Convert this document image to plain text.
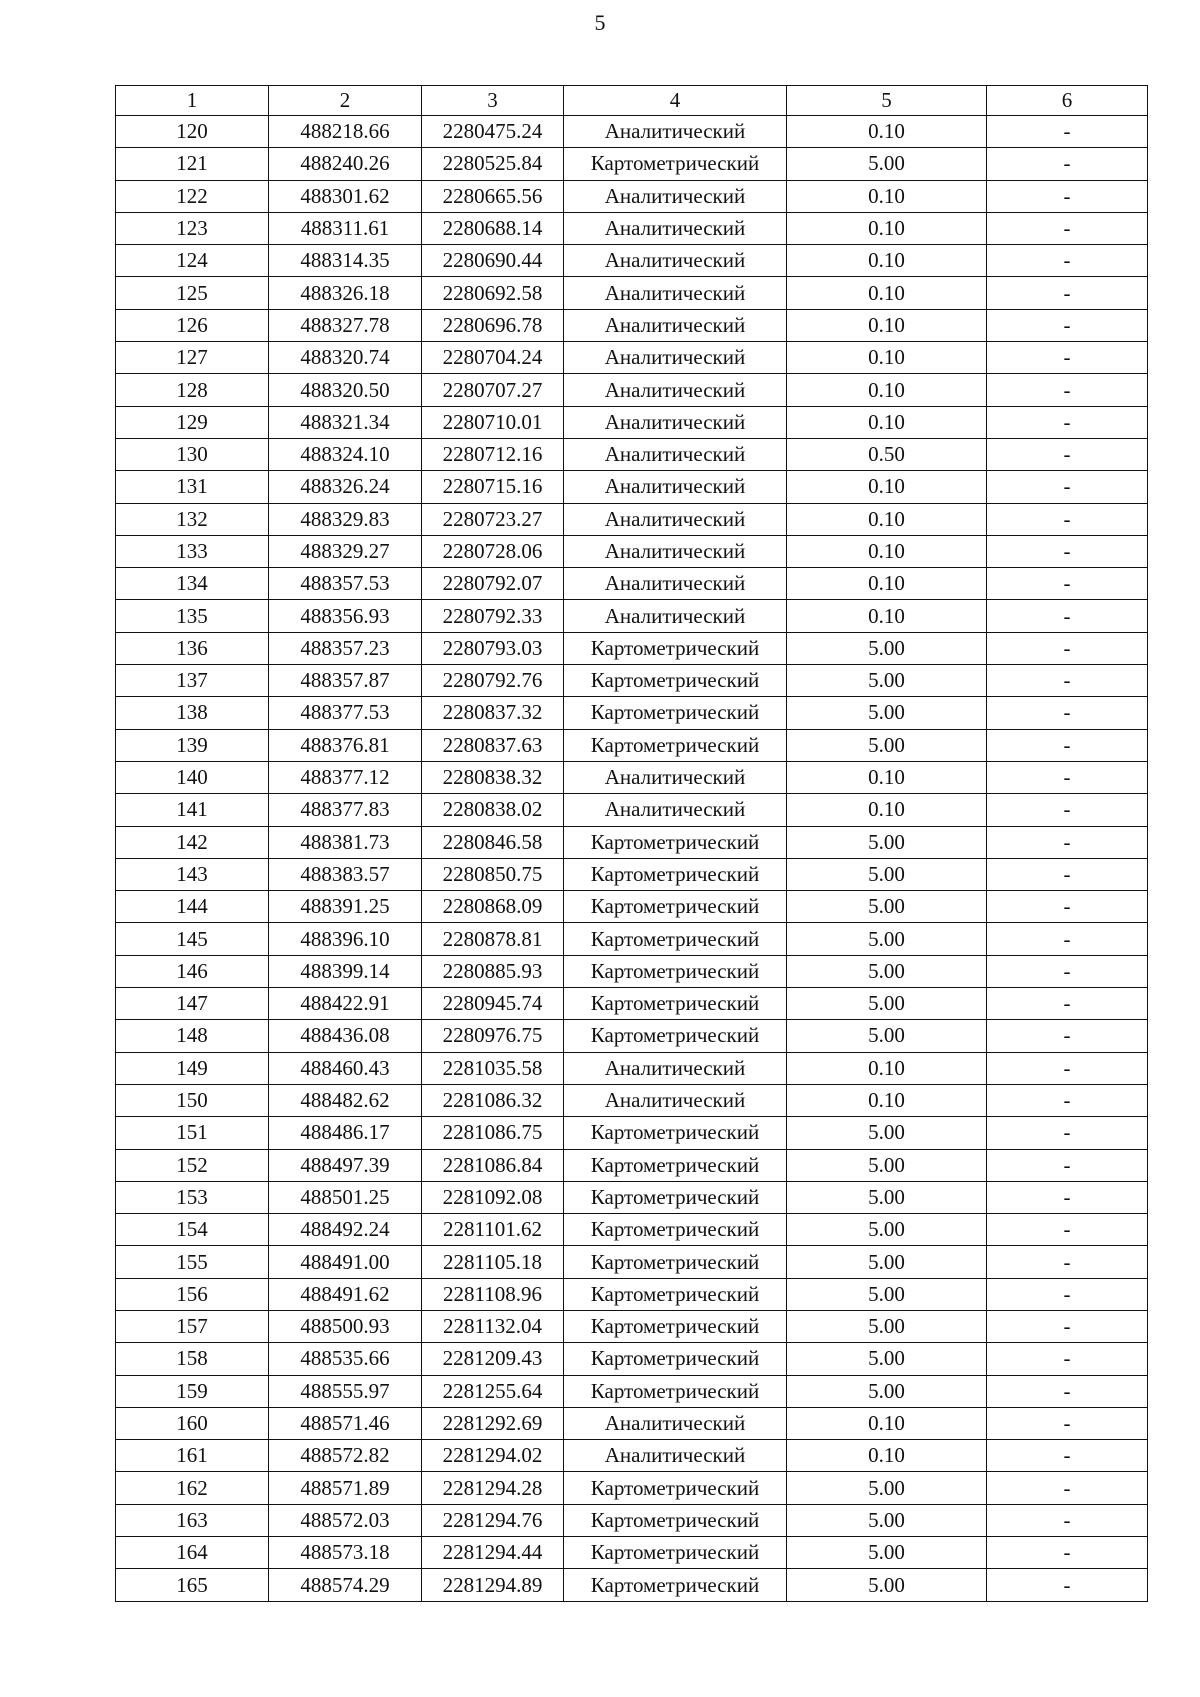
5
1	2	3	4	5	6
120	488218.66	2280475.24	Аналитический	0.10	-
121	488240.26	2280525.84	Картометрический	5.00	-
122	488301.62	2280665.56	Аналитический	0.10	-
123	488311.61	2280688.14	Аналитический	0.10	-
124	488314.35	2280690.44	Аналитический	0.10	-
125	488326.18	2280692.58	Аналитический	0.10	-
126	488327.78	2280696.78	Аналитический	0.10	-
127	488320.74	2280704.24	Аналитический	0.10	-
128	488320.50	2280707.27	Аналитический	0.10	-
129	488321.34	2280710.01	Аналитический	0.10	-
130	488324.10	2280712.16	Аналитический	0.50	-
131	488326.24	2280715.16	Аналитический	0.10	-
132	488329.83	2280723.27	Аналитический	0.10	-
133	488329.27	2280728.06	Аналитический	0.10	-
134	488357.53	2280792.07	Аналитический	0.10	-
135	488356.93	2280792.33	Аналитический	0.10	-
136	488357.23	2280793.03	Картометрический	5.00	-
137	488357.87	2280792.76	Картометрический	5.00	-
138	488377.53	2280837.32	Картометрический	5.00	-
139	488376.81	2280837.63	Картометрический	5.00	-
140	488377.12	2280838.32	Аналитический	0.10	-
141	488377.83	2280838.02	Аналитический	0.10	-
142	488381.73	2280846.58	Картометрический	5.00	-
143	488383.57	2280850.75	Картометрический	5.00	-
144	488391.25	2280868.09	Картометрический	5.00	-
145	488396.10	2280878.81	Картометрический	5.00	-
146	488399.14	2280885.93	Картометрический	5.00	-
147	488422.91	2280945.74	Картометрический	5.00	-
148	488436.08	2280976.75	Картометрический	5.00	-
149	488460.43	2281035.58	Аналитический	0.10	-
150	488482.62	2281086.32	Аналитический	0.10	-
151	488486.17	2281086.75	Картометрический	5.00	-
152	488497.39	2281086.84	Картометрический	5.00	-
153	488501.25	2281092.08	Картометрический	5.00	-
154	488492.24	2281101.62	Картометрический	5.00	-
155	488491.00	2281105.18	Картометрический	5.00	-
156	488491.62	2281108.96	Картометрический	5.00	-
157	488500.93	2281132.04	Картометрический	5.00	-
158	488535.66	2281209.43	Картометрический	5.00	-
159	488555.97	2281255.64	Картометрический	5.00	-
160	488571.46	2281292.69	Аналитический	0.10	-
161	488572.82	2281294.02	Аналитический	0.10	-
162	488571.89	2281294.28	Картометрический	5.00	-
163	488572.03	2281294.76	Картометрический	5.00	-
164	488573.18	2281294.44	Картометрический	5.00	-
165	488574.29	2281294.89	Картометрический	5.00	-
